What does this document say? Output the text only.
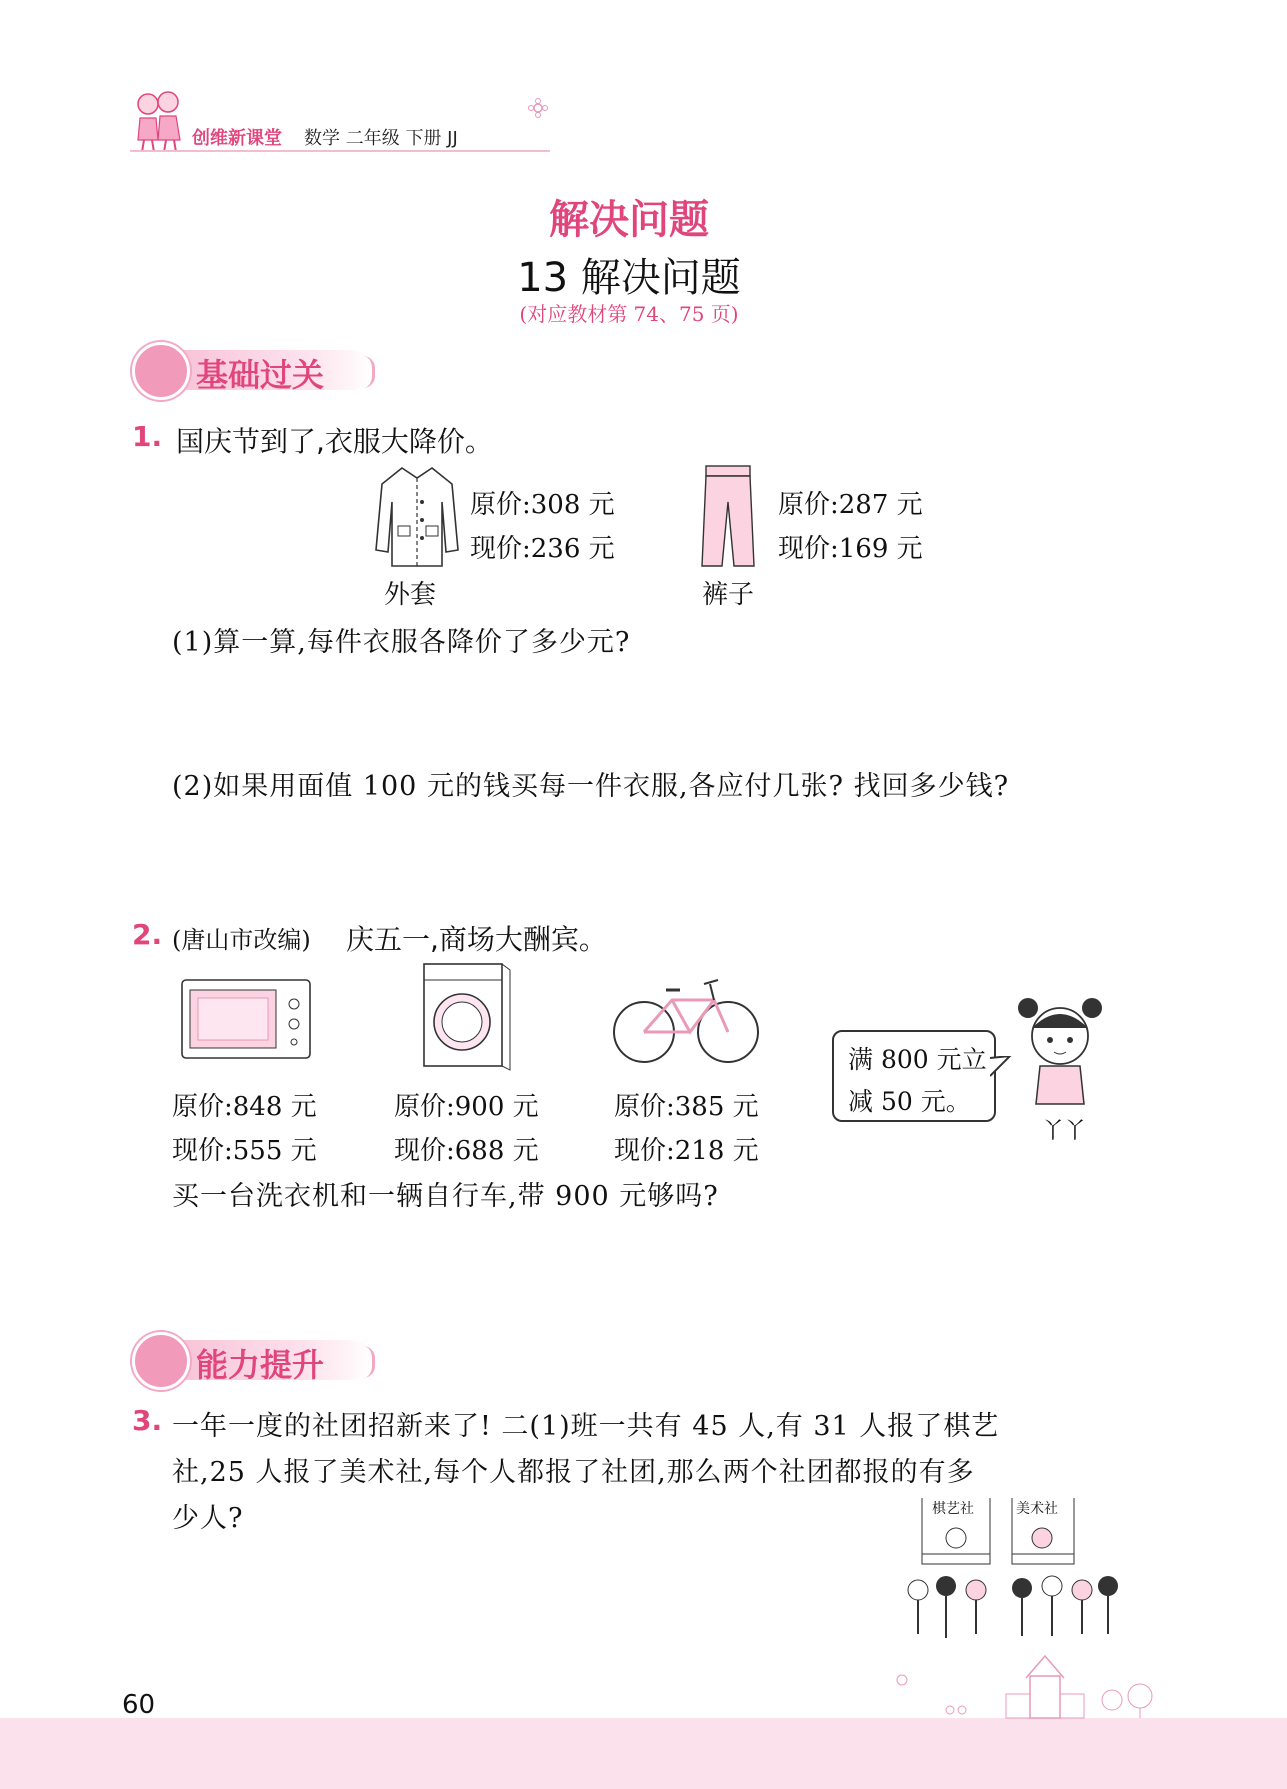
创维新课堂 数学 二年级 下册 JJ
解决问题
13 解决问题
(对应教材第 74、75 页)
基础过关
1. 国庆节到了,衣服大降价。
外套
原价:308 元
现价:236 元
裤子
原价:287 元
现价:169 元
(1)算一算,每件衣服各降价了多少元?
(2)如果用面值 100 元的钱买每一件衣服,各应付几张? 找回多少钱?
2. (唐山市改编) 庆五一,商场大酬宾。
原价:848 元
现价:555 元
原价:900 元
现价:688 元
原价:385 元
现价:218 元
满 800 元立
减 50 元。
丫丫
买一台洗衣机和一辆自行车,带 900 元够吗?
能力提升
3. 一年一度的社团招新来了! 二(1)班一共有 45 人,有 31 人报了棋艺
社,25 人报了美术社,每个人都报了社团,那么两个社团都报的有多
少人?	棋艺社	美术社
60
